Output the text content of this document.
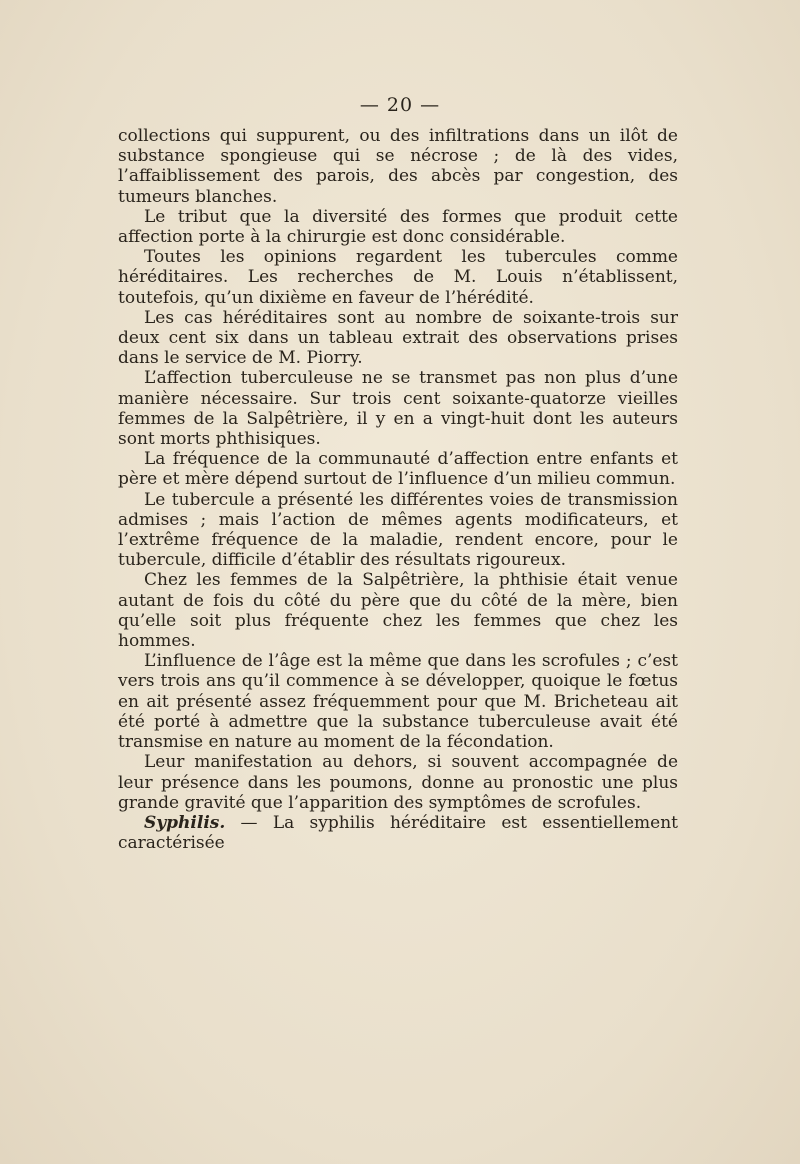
— 20 —

collections qui suppurent, ou des infiltrations dans un ilôt de substance spongieuse qui se nécrose ; de là des vides, l’affaiblissement des parois, des abcès par congestion, des tumeurs blanches.

Le tribut que la diversité des formes que produit cette affection porte à la chirurgie est donc considérable.

Toutes les opinions regardent les tubercules comme héréditaires. Les recherches de M. Louis n’établissent, toutefois, qu’un dixième en faveur de l’hérédité.

Les cas héréditaires sont au nombre de soixante-trois sur deux cent six dans un tableau extrait des observations prises dans le service de M. Piorry.

L’affection tuberculeuse ne se transmet pas non plus d’une manière nécessaire. Sur trois cent soixante-quatorze vieilles femmes de la Salpêtrière, il y en a vingt-huit dont les auteurs sont morts phthisiques.

La fréquence de la communauté d’affection entre enfants et père et mère dépend surtout de l’influence d’un milieu commun.

Le tubercule a présenté les différentes voies de transmission admises ; mais l’action de mêmes agents modificateurs, et l’extrême fréquence de la maladie, rendent encore, pour le tubercule, difficile d’établir des résultats rigoureux.

Chez les femmes de la Salpêtrière, la phthisie était venue autant de fois du côté du père que du côté de la mère, bien qu’elle soit plus fréquente chez les femmes que chez les hommes.

L’influence de l’âge est la même que dans les scrofules ; c’est vers trois ans qu’il commence à se développer, quoique le fœtus en ait présenté assez fréquemment pour que M. Bricheteau ait été porté à admettre que la substance tuberculeuse avait été transmise en nature au moment de la fécondation.

Leur manifestation au dehors, si souvent accompagnée de leur présence dans les poumons, donne au pronostic une plus grande gravité que l’apparition des symptômes de scrofules.

Syphilis. — La syphilis héréditaire est essentiellement caractérisée
